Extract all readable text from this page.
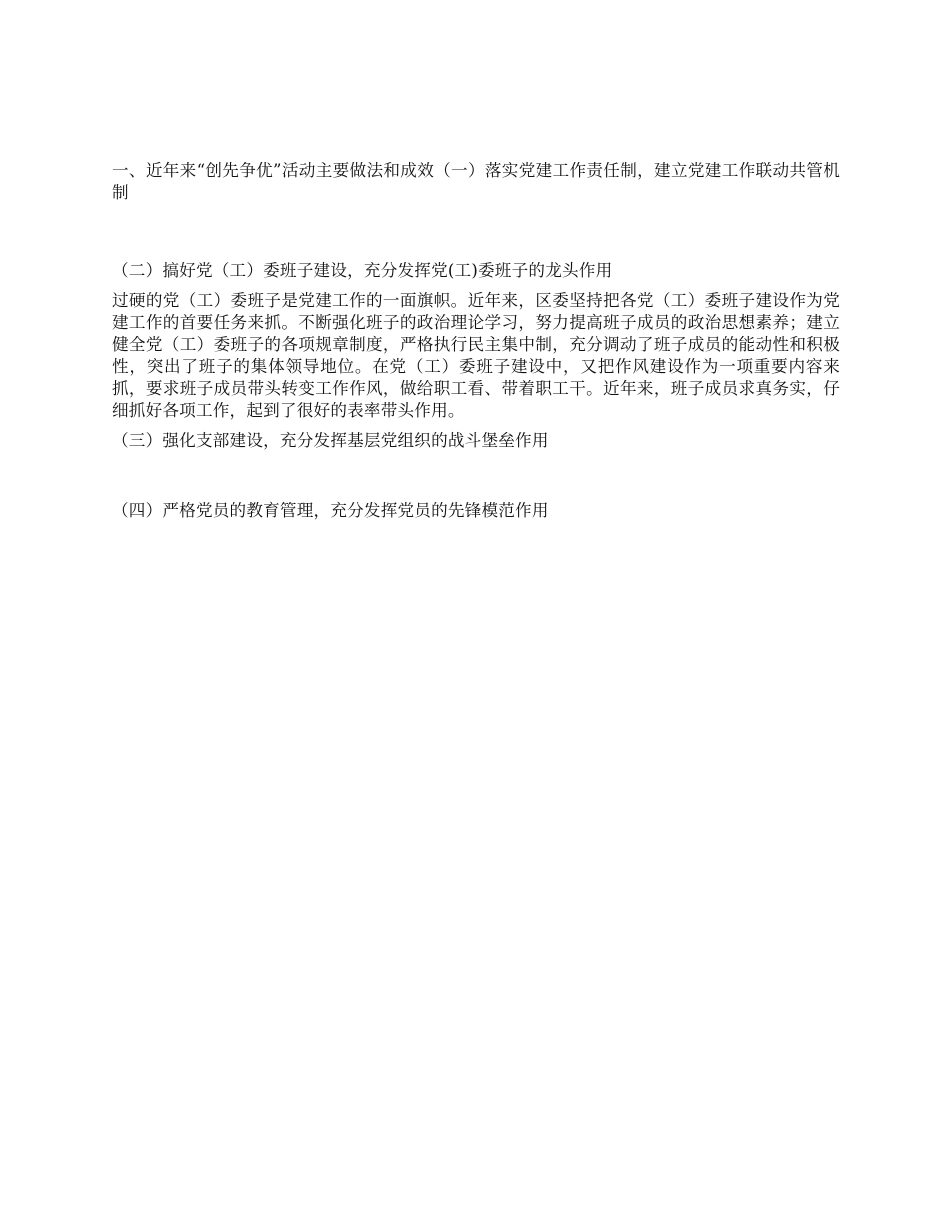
一、近年来“创先争优”活动主要做法和成效（一）落实党建工作责任制，建立党建工作联动共管机制

（二）搞好党（工）委班子建设，充分发挥党(工)委班子的龙头作用

过硬的党（工）委班子是党建工作的一面旗帜。近年来，区委坚持把各党（工）委班子建设作为党建工作的首要任务来抓。不断强化班子的政治理论学习，努力提高班子成员的政治思想素养；建立健全党（工）委班子的各项规章制度，严格执行民主集中制，充分调动了班子成员的能动性和积极性，突出了班子的集体领导地位。在党（工）委班子建设中，又把作风建设作为一项重要内容来抓，要求班子成员带头转变工作作风，做给职工看、带着职工干。近年来，班子成员求真务实，仔细抓好各项工作，起到了很好的表率带头作用。

（三）强化支部建设，充分发挥基层党组织的战斗堡垒作用

（四）严格党员的教育管理，充分发挥党员的先锋模范作用
